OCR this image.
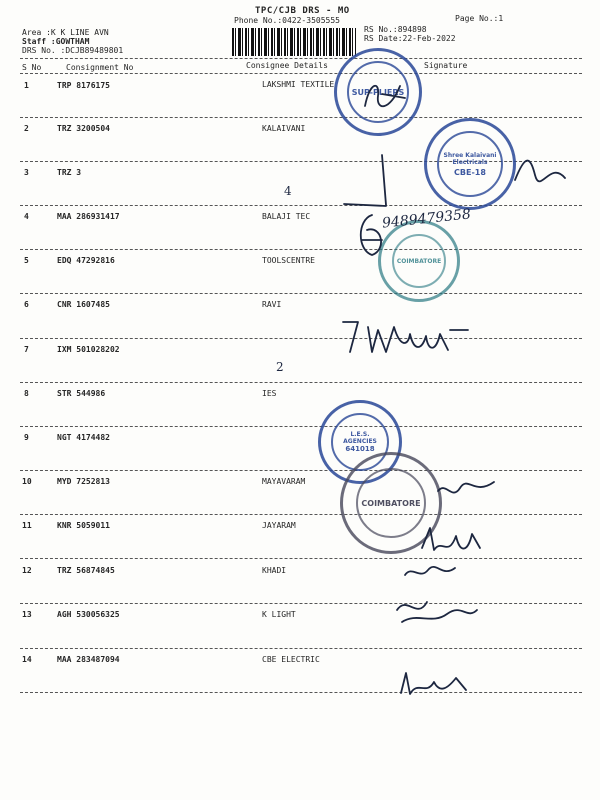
TPC/CJB DRS - MO
Phone No.:0422-3505555	Page No.:1
Area :K K LINE AVN
Staff :GOWTHAM
DRS No. :DCJB89489801
RS No.:894898
RS Date:22-Feb-2022
S No	Consignment No	Consignee Details	Signature
1	TRP 8176175	LAKSHMI TEXTILE
2	TRZ 3200504	KALAIVANI
3	TRZ 3
4	MAA 286931417	BALAJI TEC
5	EDQ 47292816	TOOLSCENTRE
6	CNR 1607485	RAVI
7	IXM 501028202
8	STR 544986	IES
9	NGT 4174482
10	MYD 7252813	MAYAVARAM
11	KNR 5059011	JAYARAM
12	TRZ 56874845	KHADI
13	AGH 530056325	K LIGHT
14	MAA 283487094	CBE ELECTRIC
SUP-PLIERS
Shree Kalaivani Electricals
CBE-18
COIMBATORE
L.E.S. AGENCIES
641018
COIMBATORE
4
2
9489479358
